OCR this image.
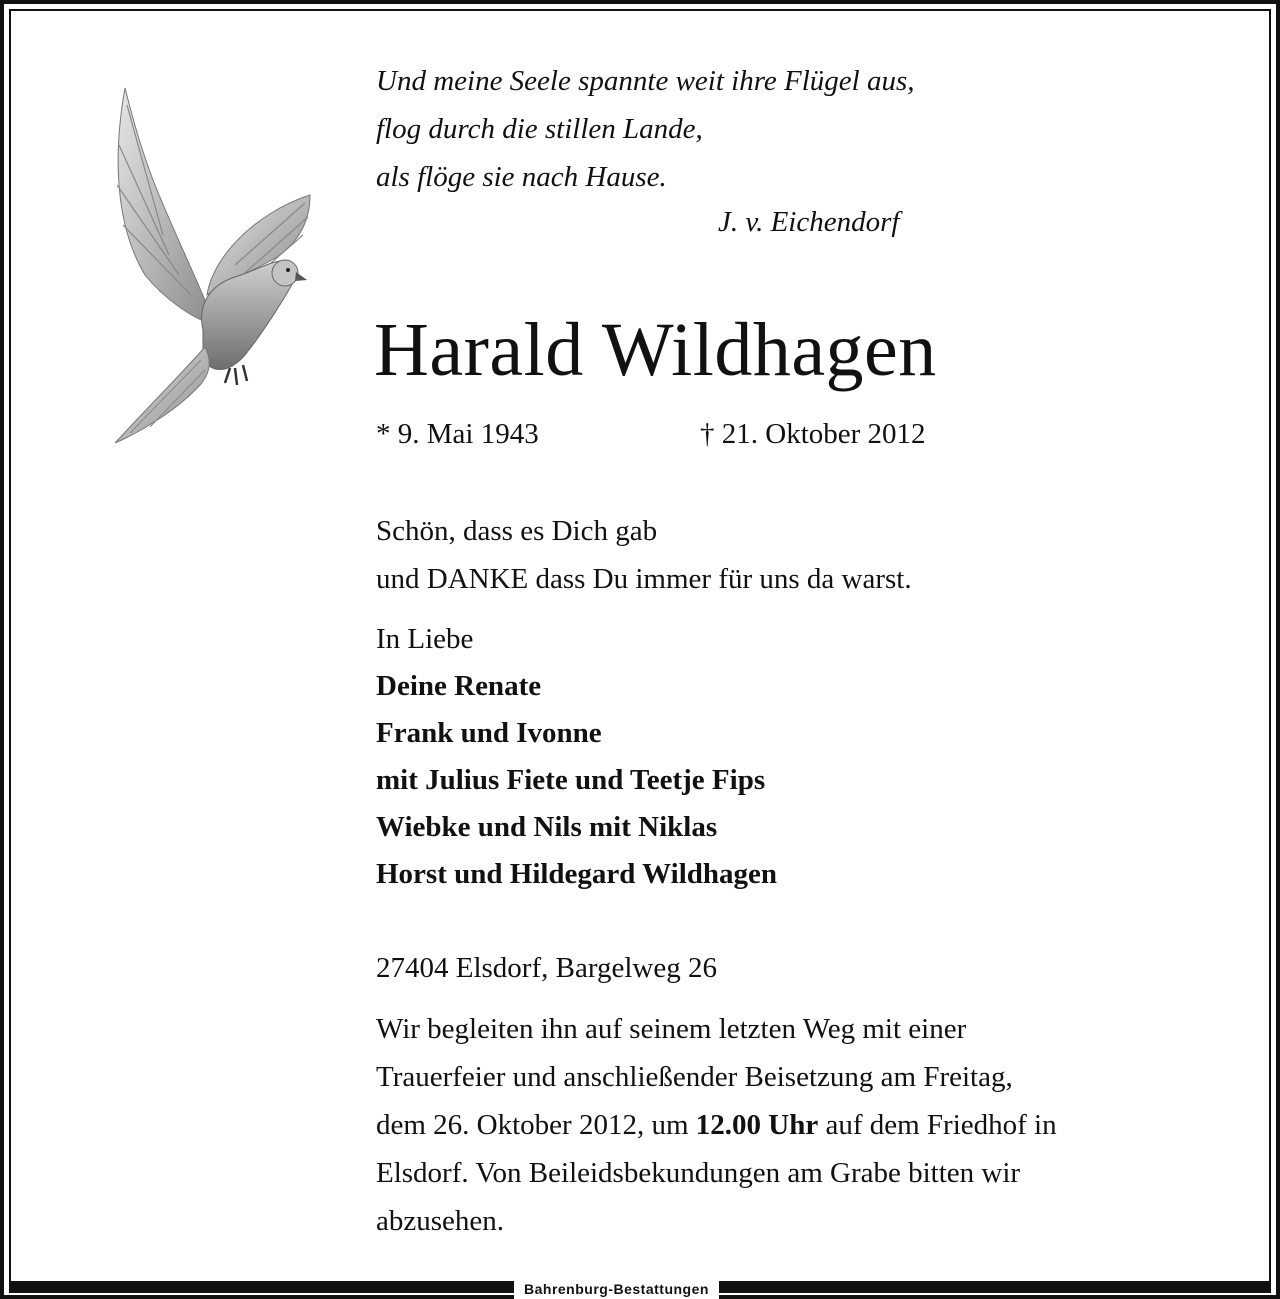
Und meine Seele spannte weit ihre Flügel aus,
flog durch die stillen Lande,
als flöge sie nach Hause.
J. v. Eichendorf
Harald Wildhagen
* 9. Mai 1943	† 21. Oktober 2012
Schön, dass es Dich gab
und DANKE dass Du immer für uns da warst.
In Liebe
Deine Renate
Frank und Ivonne
mit Julius Fiete und Teetje Fips
Wiebke und Nils mit Niklas
Horst und Hildegard Wildhagen
27404 Elsdorf, Bargelweg 26
Wir begleiten ihn auf seinem letzten Weg mit einer
Trauerfeier und anschließender Beisetzung am Freitag,
dem 26. Oktober 2012, um 12.00 Uhr auf dem Friedhof in
Elsdorf. Von Beileidsbekundungen am Grabe bitten wir
abzusehen.
Bahrenburg-Bestattungen
